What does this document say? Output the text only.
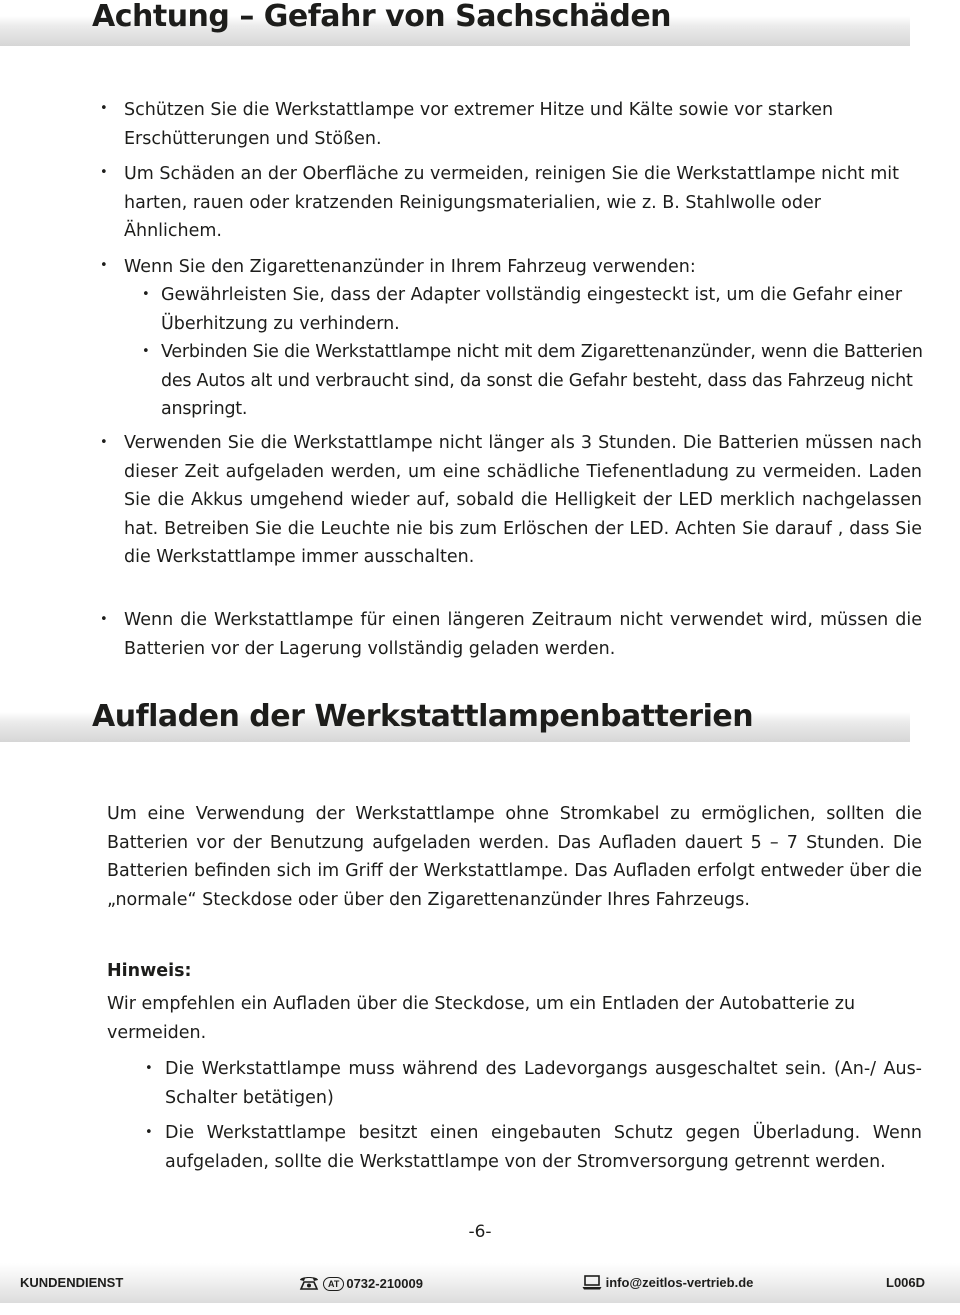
Achtung – Gefahr von Sachschäden
• Schützen Sie die Werkstattlampe vor extremer Hitze und Kälte sowie vor starken Erschütterungen und Stößen.
• Um Schäden an der Oberfläche zu vermeiden, reinigen Sie die Werkstattlampe nicht mit harten, rauen oder kratzenden Reinigungsmaterialien, wie z. B. Stahlwolle oder Ähnlichem.
• Wenn Sie den Zigarettenanzünder in Ihrem Fahrzeug verwenden:
• Gewährleisten Sie, dass der Adapter vollständig eingesteckt ist, um die Gefahr einer Überhitzung zu verhindern.
• Verbinden Sie die Werkstattlampe nicht mit dem Zigarettenanzünder, wenn die Batterien des Autos alt und verbraucht sind, da sonst die Gefahr besteht, dass das Fahrzeug nicht anspringt.
• Verwenden Sie die Werkstattlampe nicht länger als 3 Stunden. Die Batterien müssen nach dieser Zeit aufgeladen werden, um eine schädliche Tiefenentladung zu vermeiden. Laden Sie die Akkus umgehend wieder auf, sobald die Helligkeit der LED merklich nachgelassen hat. Betreiben Sie die Leuchte nie bis zum Erlöschen der LED. Achten Sie darauf , dass Sie die Werkstattlampe immer ausschalten.
• Wenn die Werkstattlampe für einen längeren Zeitraum nicht verwendet wird, müssen die Batterien vor der Lagerung vollständig geladen werden.
Aufladen der Werkstattlampenbatterien
Um eine Verwendung der Werkstattlampe ohne Stromkabel zu ermöglichen, sollten die Batterien vor der Benutzung aufgeladen werden. Das Aufladen dauert 5 – 7 Stunden. Die Batterien befinden sich im Griff der Werkstattlampe. Das Aufladen erfolgt entweder über die „normale“ Steckdose oder über den Zigarettenanzünder Ihres Fahrzeugs.
Hinweis:
Wir empfehlen ein Aufladen über die Steckdose, um ein Entladen der Autobatterie zu vermeiden.
• Die Werkstattlampe muss während des Ladevorgangs ausgeschaltet sein. (An-/ Aus-Schalter betätigen)
• Die Werkstattlampe besitzt einen eingebauten Schutz gegen Überladung. Wenn aufgeladen, sollte die Werkstattlampe von der Stromversorgung getrennt werden.
-6-
KUNDENDIENST	AT 0732-210009	info@zeitlos-vertrieb.de	L006D
